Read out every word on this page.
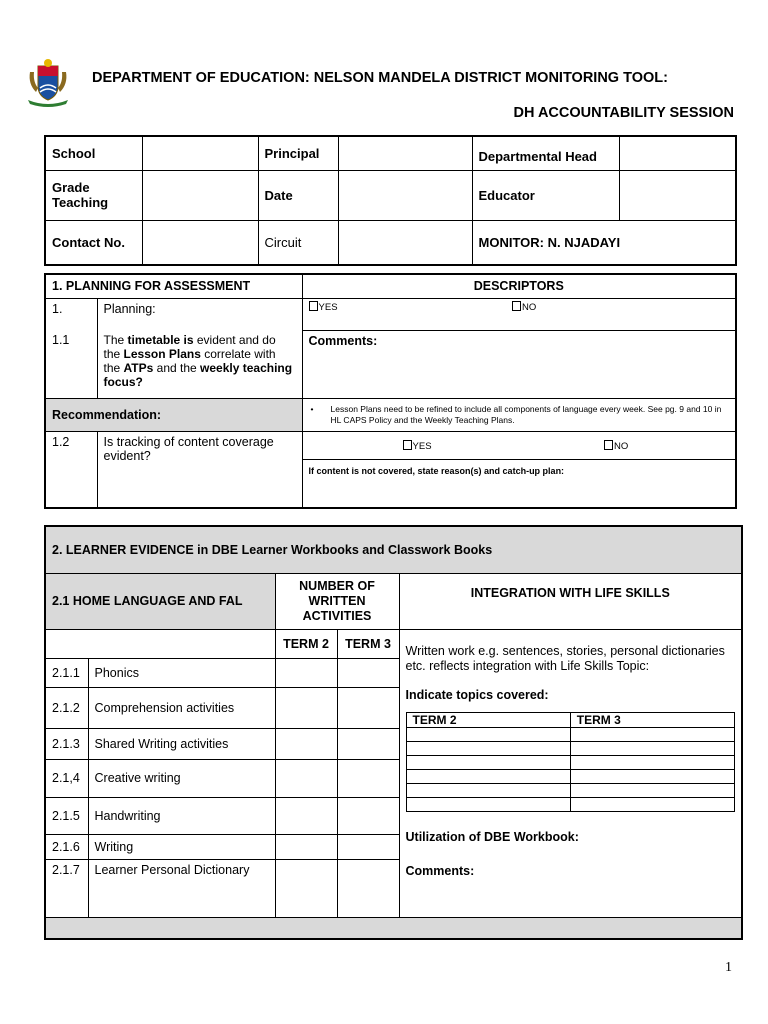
DEPARTMENT OF EDUCATION: NELSON MANDELA DISTRICT MONITORING TOOL:
DH ACCOUNTABILITY SESSION
School		Principal		Departmental Head	
Grade Teaching		Date		Educator	
Contact No.		Circuit		MONITOR: N. NJADAYI	
1. PLANNING FOR ASSESSMENT		DESCRIPTORS
1.	Planning:	YES NO
1.1	The timetable is evident and do the Lesson Plans correlate with the ATPs and the weekly teaching focus?	Comments:
Recommendation:		• Lesson Plans need to be refined to include all components of language every week. See pg. 9 and 10 in HL CAPS Policy and the Weekly Teaching Plans.

1.2	Is tracking of content coverage evident?	YES NO
		If content is not covered, state reason(s) and catch-up plan:
2. LEARNER EVIDENCE in DBE Learner Workbooks and Classwork Books
2.1 HOME LANGUAGE AND FAL	NUMBER OF WRITTEN ACTIVITIES	INTEGRATION WITH LIFE SKILLS
	TERM 2	TERM 3	Written work e.g. sentences, stories, personal dictionaries etc. reflects integration with Life Skills Topic:
Indicate topics covered:
TERM 2	TERM 3

Utilization of DBE Workbook:
Comments:

2.1.1	Phonics		
2.1.2	Comprehension activities		
2.1.3	Shared Writing activities		
2.1,4	Creative writing		
2.1.5	Handwriting		
2.1.6	Writing		
2.1.7	Learner Personal Dictionary		

1
